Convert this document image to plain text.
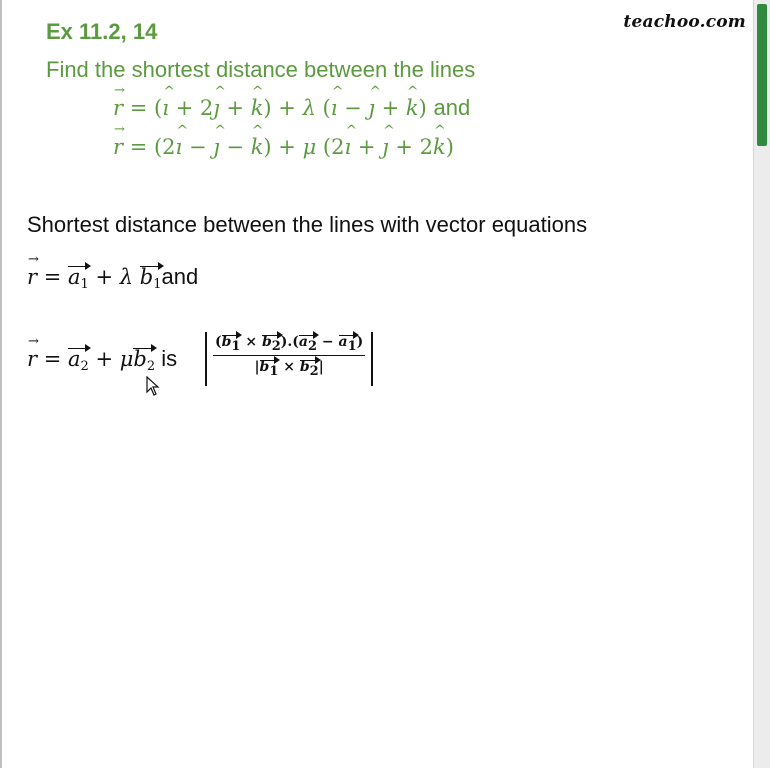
teachoo.com
Ex 11.2, 14
Find the shortest distance between the lines
r → = (ı ^ + 2ȷ ^ + k ^) + λ (ı ^ − ȷ ^ + k ^) and
r → = (2ı ^ − ȷ ^ − k ^) + μ (2ı ^ + ȷ ^ + 2k ^)
Shortest distance between the lines with vector equations
r → = $a_1 + \lambda$ $b_1and$
r → = $a_2 + \mu b_2$ is $\frac{(b_1 \times b_2).(a_2 - a_1)}{|b_1 \times b_2|}$
